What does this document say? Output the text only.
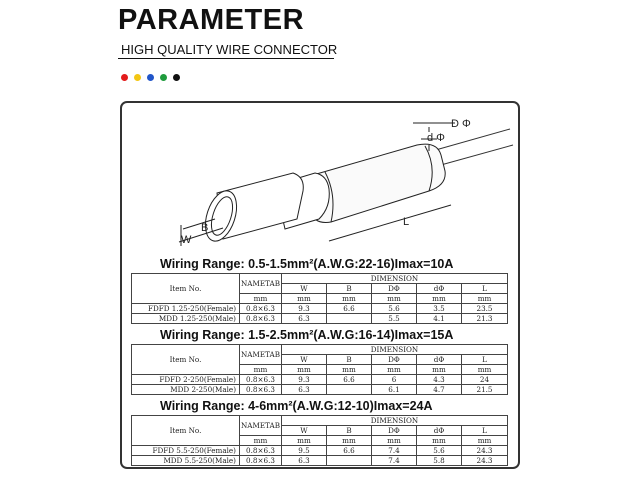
PARAMETER
HIGH QUALITY WIRE CONNECTOR
D Φ
d Φ
L
B
W
Wiring Range: 0.5-1.5mm²(A.W.G:22-16)Imax=10A
Item No.	NAMETAB	DIMENSION				
		W	B	DΦ	dΦ	L
	mm	mm	mm	mm	mm	mm
FDFD 1.25-250(Female)	0.8×6.3	9.3	6.6	5.6	3.5	23.5
MDD 1.25-250(Male)	0.8×6.3	6.3		5.5	4.1	21.3
Wiring Range: 1.5-2.5mm²(A.W.G:16-14)Imax=15A
Item No.	NAMETAB	DIMENSION				
		W	B	DΦ	dΦ	L
	mm	mm	mm	mm	mm	mm
FDFD 2-250(Female)	0.8×6.3	9.3	6.6	6	4.3	24
MDD 2-250(Male)	0.8×6.3	6.3		6.1	4.7	21.5
Wiring Range: 4-6mm²(A.W.G:12-10)Imax=24A
Item No.	NAMETAB	DIMENSION				
		W	B	DΦ	dΦ	L
	mm	mm	mm	mm	mm	mm
FDFD 5.5-250(Female)	0.8×6.3	9.5	6.6	7.4	5.6	24.3
MDD 5.5-250(Male)	0.8×6.3	6.3		7.4	5.8	24.3
